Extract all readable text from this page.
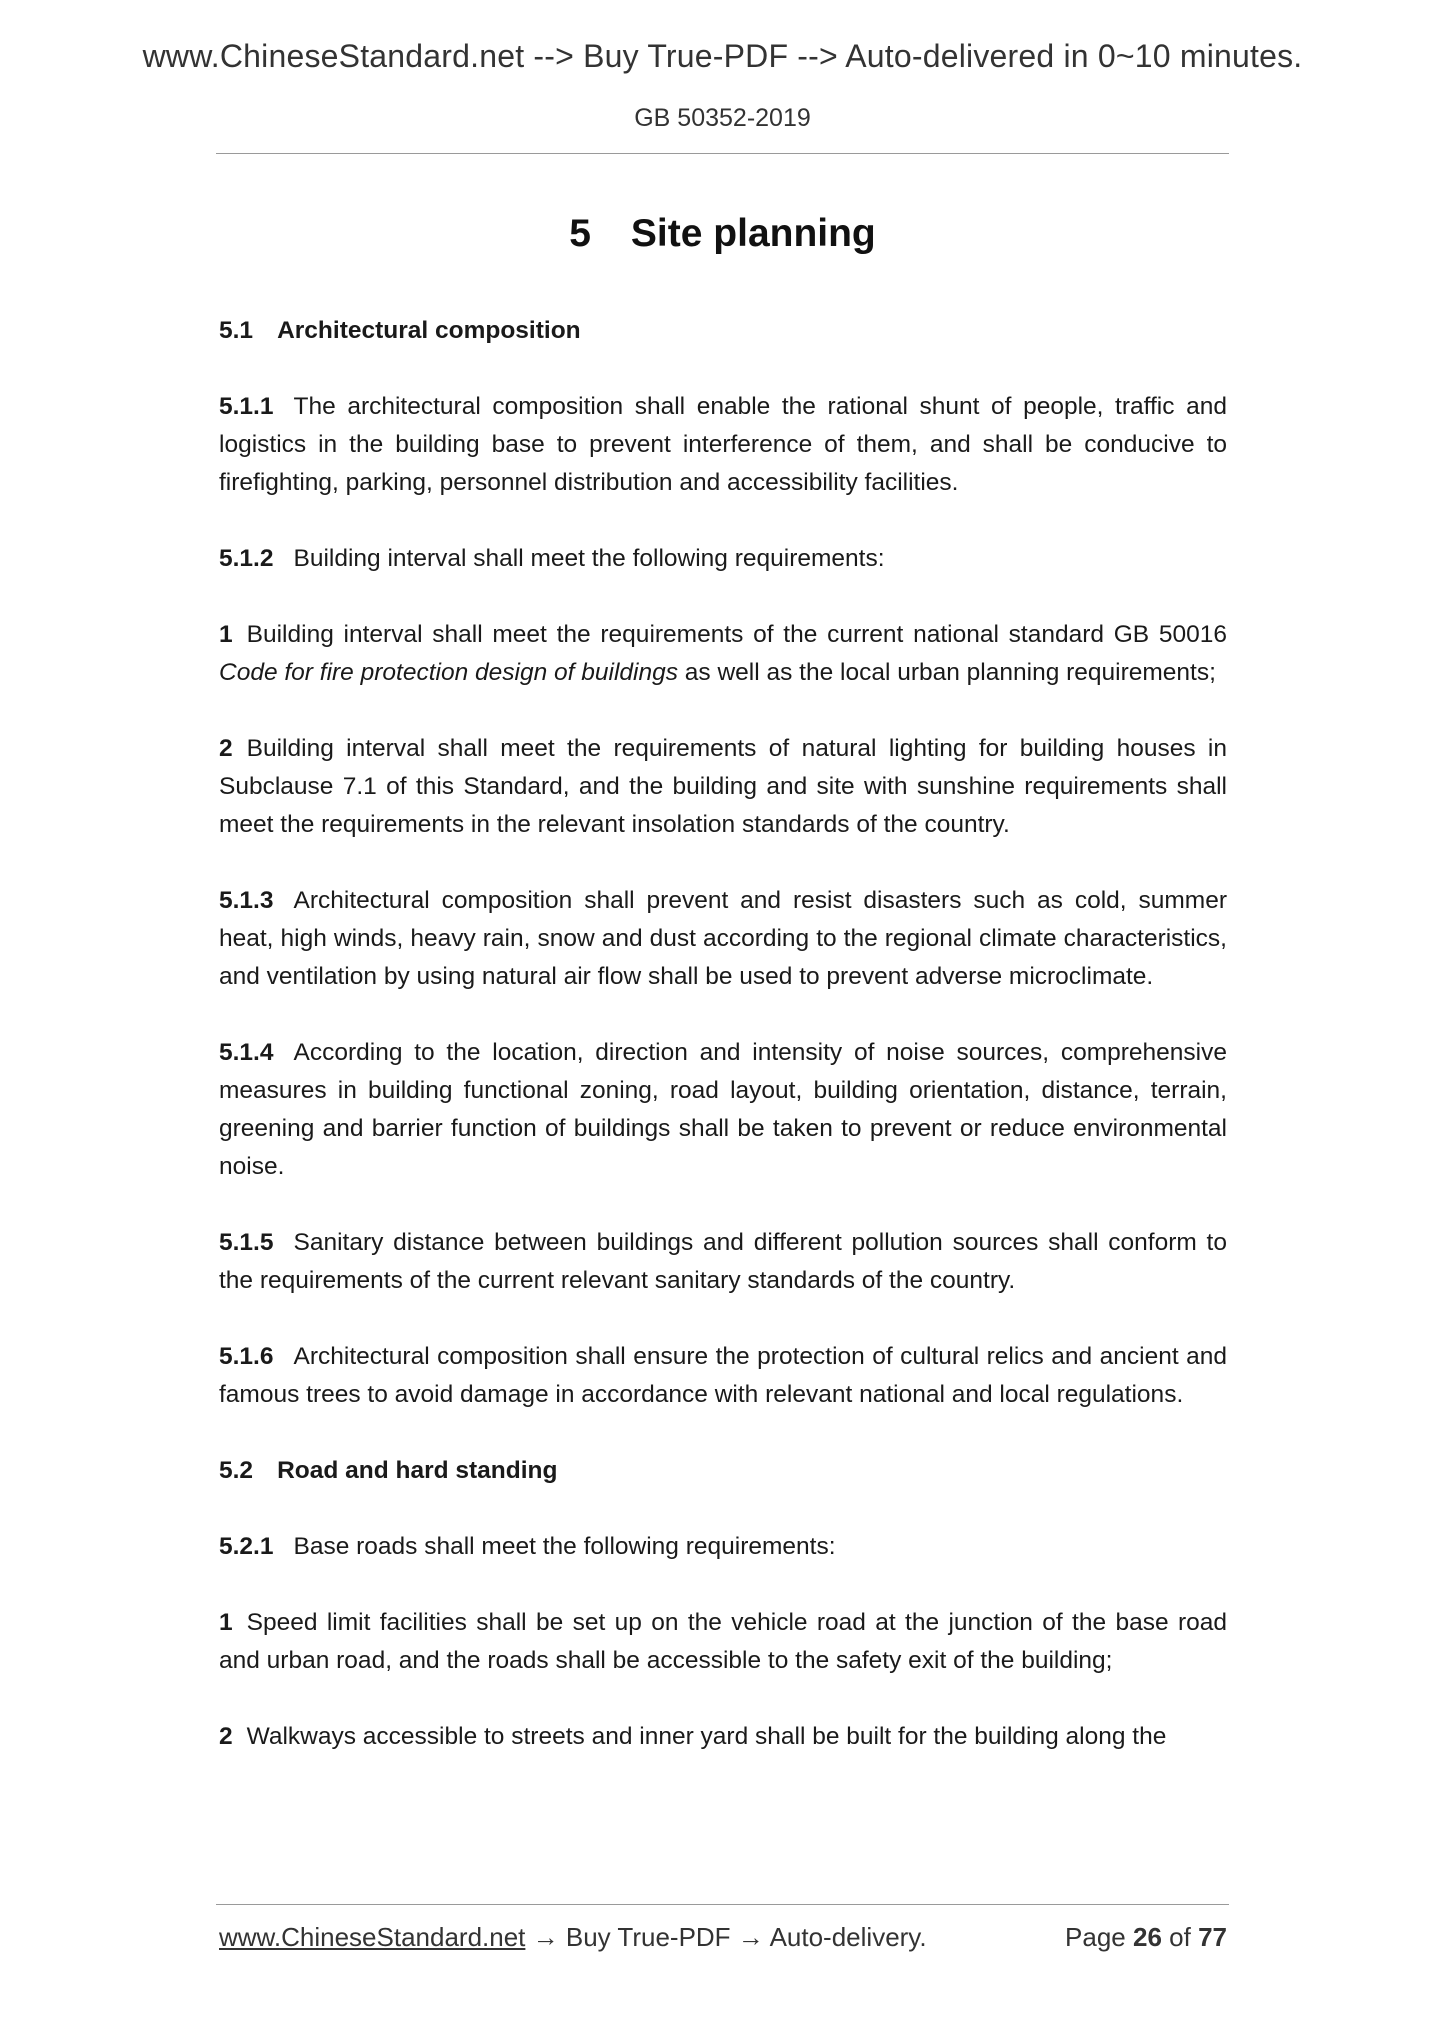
www.ChineseStandard.net --> Buy True-PDF --> Auto-delivered in 0~10 minutes.
GB 50352-2019
5 Site planning

5.1 Architectural composition

5.1.1 The architectural composition shall enable the rational shunt of people, traffic and logistics in the building base to prevent interference of them, and shall be conducive to firefighting, parking, personnel distribution and accessibility facilities.

5.1.2 Building interval shall meet the following requirements:

1 Building interval shall meet the requirements of the current national standard GB 50016 Code for fire protection design of buildings as well as the local urban planning requirements;

2 Building interval shall meet the requirements of natural lighting for building houses in Subclause 7.1 of this Standard, and the building and site with sunshine requirements shall meet the requirements in the relevant insolation standards of the country.

5.1.3 Architectural composition shall prevent and resist disasters such as cold, summer heat, high winds, heavy rain, snow and dust according to the regional climate characteristics, and ventilation by using natural air flow shall be used to prevent adverse microclimate.

5.1.4 According to the location, direction and intensity of noise sources, comprehensive measures in building functional zoning, road layout, building orientation, distance, terrain, greening and barrier function of buildings shall be taken to prevent or reduce environmental noise.

5.1.5 Sanitary distance between buildings and different pollution sources shall conform to the requirements of the current relevant sanitary standards of the country.

5.1.6 Architectural composition shall ensure the protection of cultural relics and ancient and famous trees to avoid damage in accordance with relevant national and local regulations.

5.2 Road and hard standing

5.2.1 Base roads shall meet the following requirements:

1 Speed limit facilities shall be set up on the vehicle road at the junction of the base road and urban road, and the roads shall be accessible to the safety exit of the building;

2 Walkways accessible to streets and inner yard shall be built for the building along the

www.ChineseStandard.net → Buy True-PDF → Auto-delivery.	Page 26 of 77
